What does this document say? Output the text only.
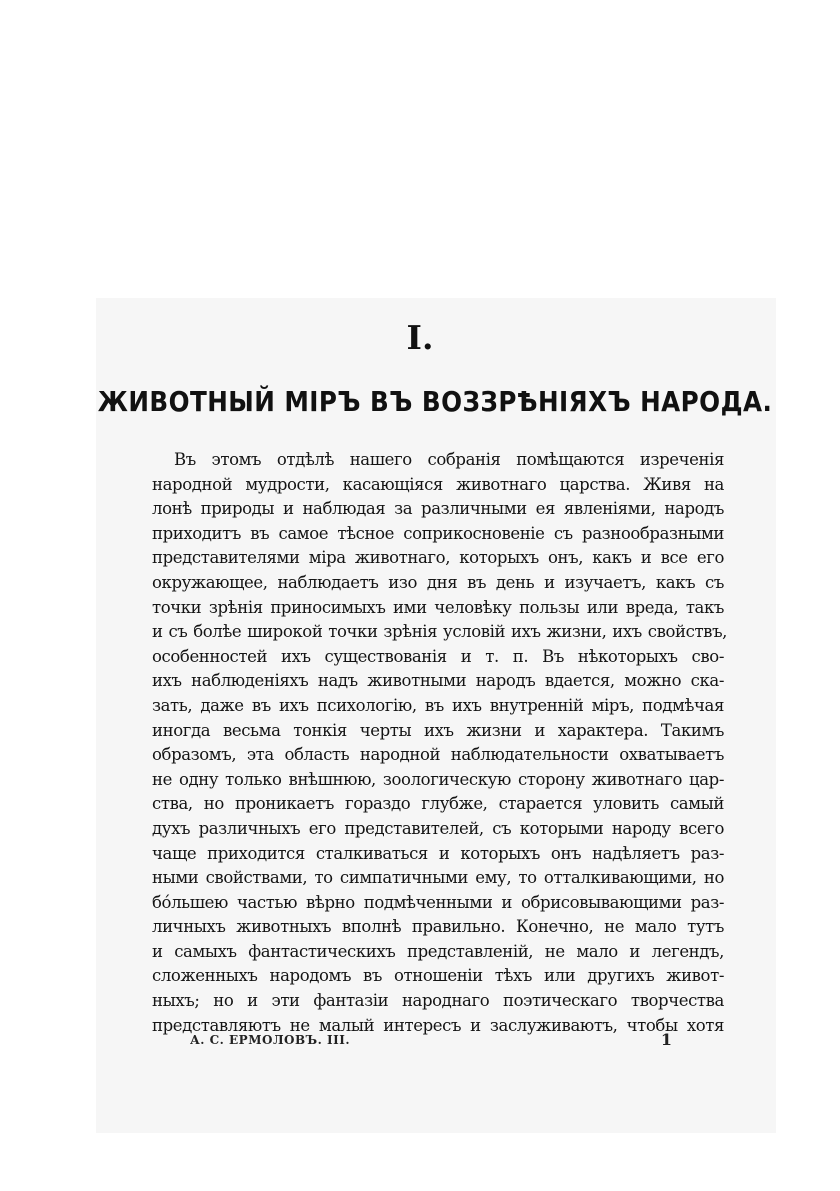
I.
ЖИВОТНЫЙ МІРЪ ВЪ ВОЗЗРѢНІЯХЪ НАРОДА.
Въ этомъ отдѣлѣ нашего собранія помѣщаются изреченія
народной мудрости, касающіяся животнаго царства. Живя на
лонѣ природы и наблюдая за различными ея явленіями, народъ
приходитъ въ самое тѣсное соприкосновеніе съ разнообразными
представителями міра животнаго, которыхъ онъ, какъ и все его
окружающее, наблюдаетъ изо дня въ день и изучаетъ, какъ съ
точки зрѣнія приносимыхъ ими человѣку пользы или вреда, такъ
и съ болѣе широкой точки зрѣнія условій ихъ жизни, ихъ свойствъ,
особенностей ихъ существованія и т. п. Въ нѣкоторыхъ сво-
ихъ наблюденіяхъ надъ животными народъ вдается, можно ска-
зать, даже въ ихъ психологію, въ ихъ внутренній міръ, подмѣчая
иногда весьма тонкія черты ихъ жизни и характера. Такимъ
образомъ, эта область народной наблюдательности охватываетъ
не одну только внѣшнюю, зоологическую сторону животнаго цар-
ства, но проникаетъ гораздо глубже, старается уловить самый
духъ различныхъ его представителей, съ которыми народу всего
чаще приходится сталкиваться и которыхъ онъ надѣляетъ раз-
ными свойствами, то симпатичными ему, то отталкивающими, но
бо́льшею частью вѣрно подмѣченными и обрисовывающими раз-
личныхъ животныхъ вполнѣ правильно. Конечно, не мало тутъ
и самыхъ фантастическихъ представленій, не мало и легендъ,
сложенныхъ народомъ въ отношеніи тѣхъ или другихъ живот-
ныхъ; но и эти фантазіи народнаго поэтическаго творчества
представляютъ не малый интересъ и заслуживаютъ, чтобы хотя
А. С. ЕРМОЛОВЪ. III.	1
